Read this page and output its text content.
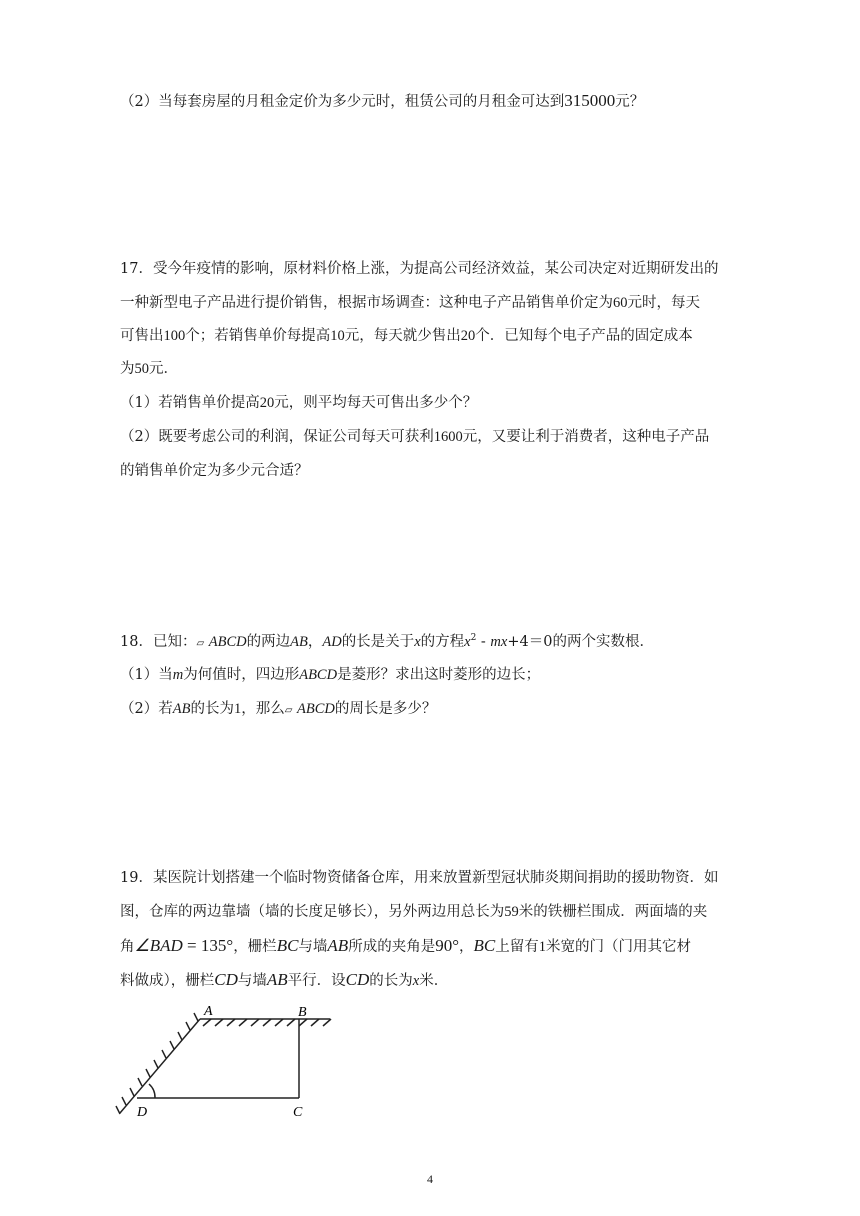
（2）当每套房屋的月租金定价为多少元时，租赁公司的月租金可达到315000元？
17．受今年疫情的影响，原材料价格上涨，为提高公司经济效益，某公司决定对近期研发出的
一种新型电子产品进行提价销售，根据市场调查：这种电子产品销售单价定为60元时，每天
可售出100个；若销售单价每提高10元，每天就少售出20个．已知每个电子产品的固定成本
为50元．
（1）若销售单价提高20元，则平均每天可售出多少个？
（2）既要考虑公司的利润，保证公司每天可获利1600元，又要让利于消费者，这种电子产品
的销售单价定为多少元合适？
18．已知：▱ ABCD的两边AB，AD的长是关于x的方程$x^2 - mx+4=0$的两个实数根．
（1）当m为何值时，四边形ABCD是菱形？求出这时菱形的边长；
（2）若AB的长为1，那么▱ ABCD的周长是多少？
19．某医院计划搭建一个临时物资储备仓库，用来放置新型冠状肺炎期间捐助的援助物资．如
图，仓库的两边靠墙（墙的长度足够长），另外两边用总长为59米的铁栅栏围成．两面墙的夹
角∠BAD = 135°，栅栏BC与墙AB所成的夹角是90°，BC上留有1米宽的门（门用其它材
料做成），栅栏CD与墙AB平行．设CD的长为x米．
A	B
C
D
4
